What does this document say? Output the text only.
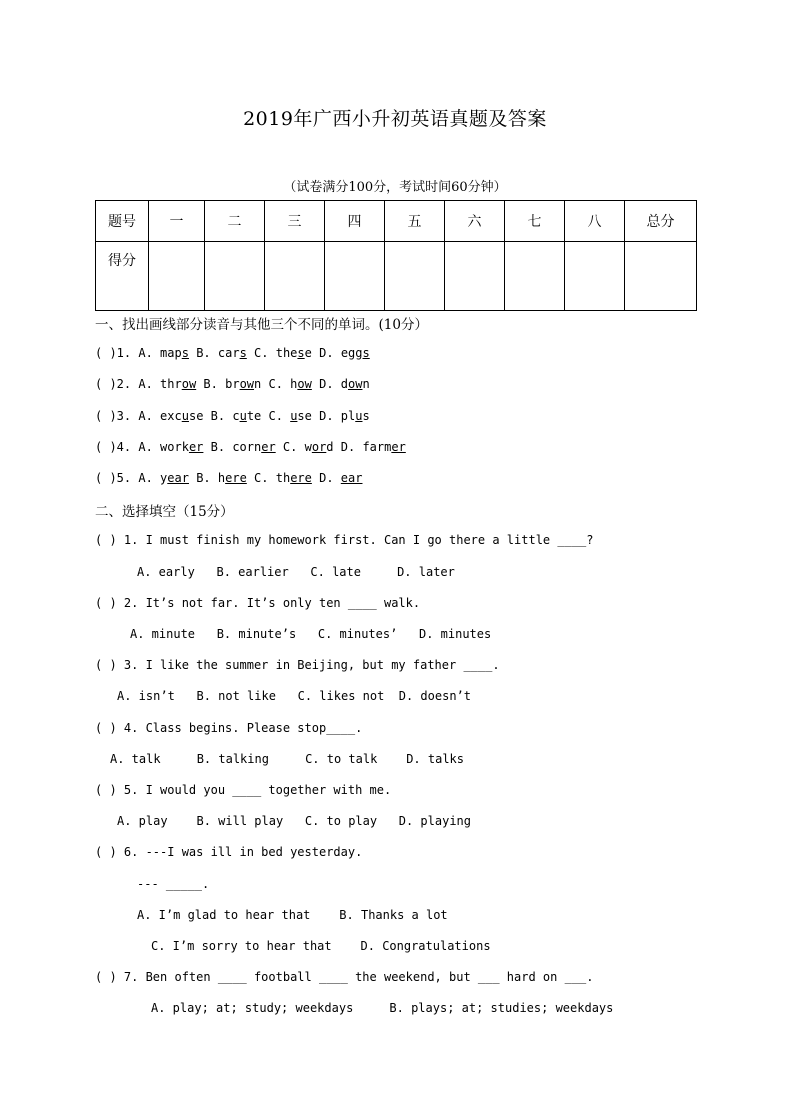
2019年广西小升初英语真题及答案
（试卷满分100分，考试时间60分钟）
题号	一	二	三	四	五	六	七	八	总分
得分									
一、找出画线部分读音与其他三个不同的单词。(10分）
( )1. A. maps B. cars C. these D. eggs
( )2. A. throw B. brown C. how D. down
( )3. A. excuse B. cute C. use D. plus
( )4. A. worker B. corner C. word D. farmer
( )5. A. year B. here C. there D. ear
二、选择填空（15分）
( ) 1. I must finish my homework first. Can I go there a little ____?
A. early   B. earlier   C. late     D. later
( ) 2. It’s not far. It’s only ten ____ walk.
A. minute   B. minute’s   C. minutes’   D. minutes
( ) 3. I like the summer in Beijing, but my father ____.
A. isn’t   B. not like   C. likes not  D. doesn’t
( ) 4. Class begins. Please stop____.
A. talk     B. talking     C. to talk    D. talks
( ) 5. I would you ____ together with me.
A. play    B. will play   C. to play   D. playing
( ) 6. ---I was ill in bed yesterday.
--- _____.
A. I’m glad to hear that    B. Thanks a lot
C. I’m sorry to hear that    D. Congratulations
( ) 7. Ben often ____ football ____ the weekend, but ___ hard on ___.
A. play; at; study; weekdays     B. plays; at; studies; weekdays
